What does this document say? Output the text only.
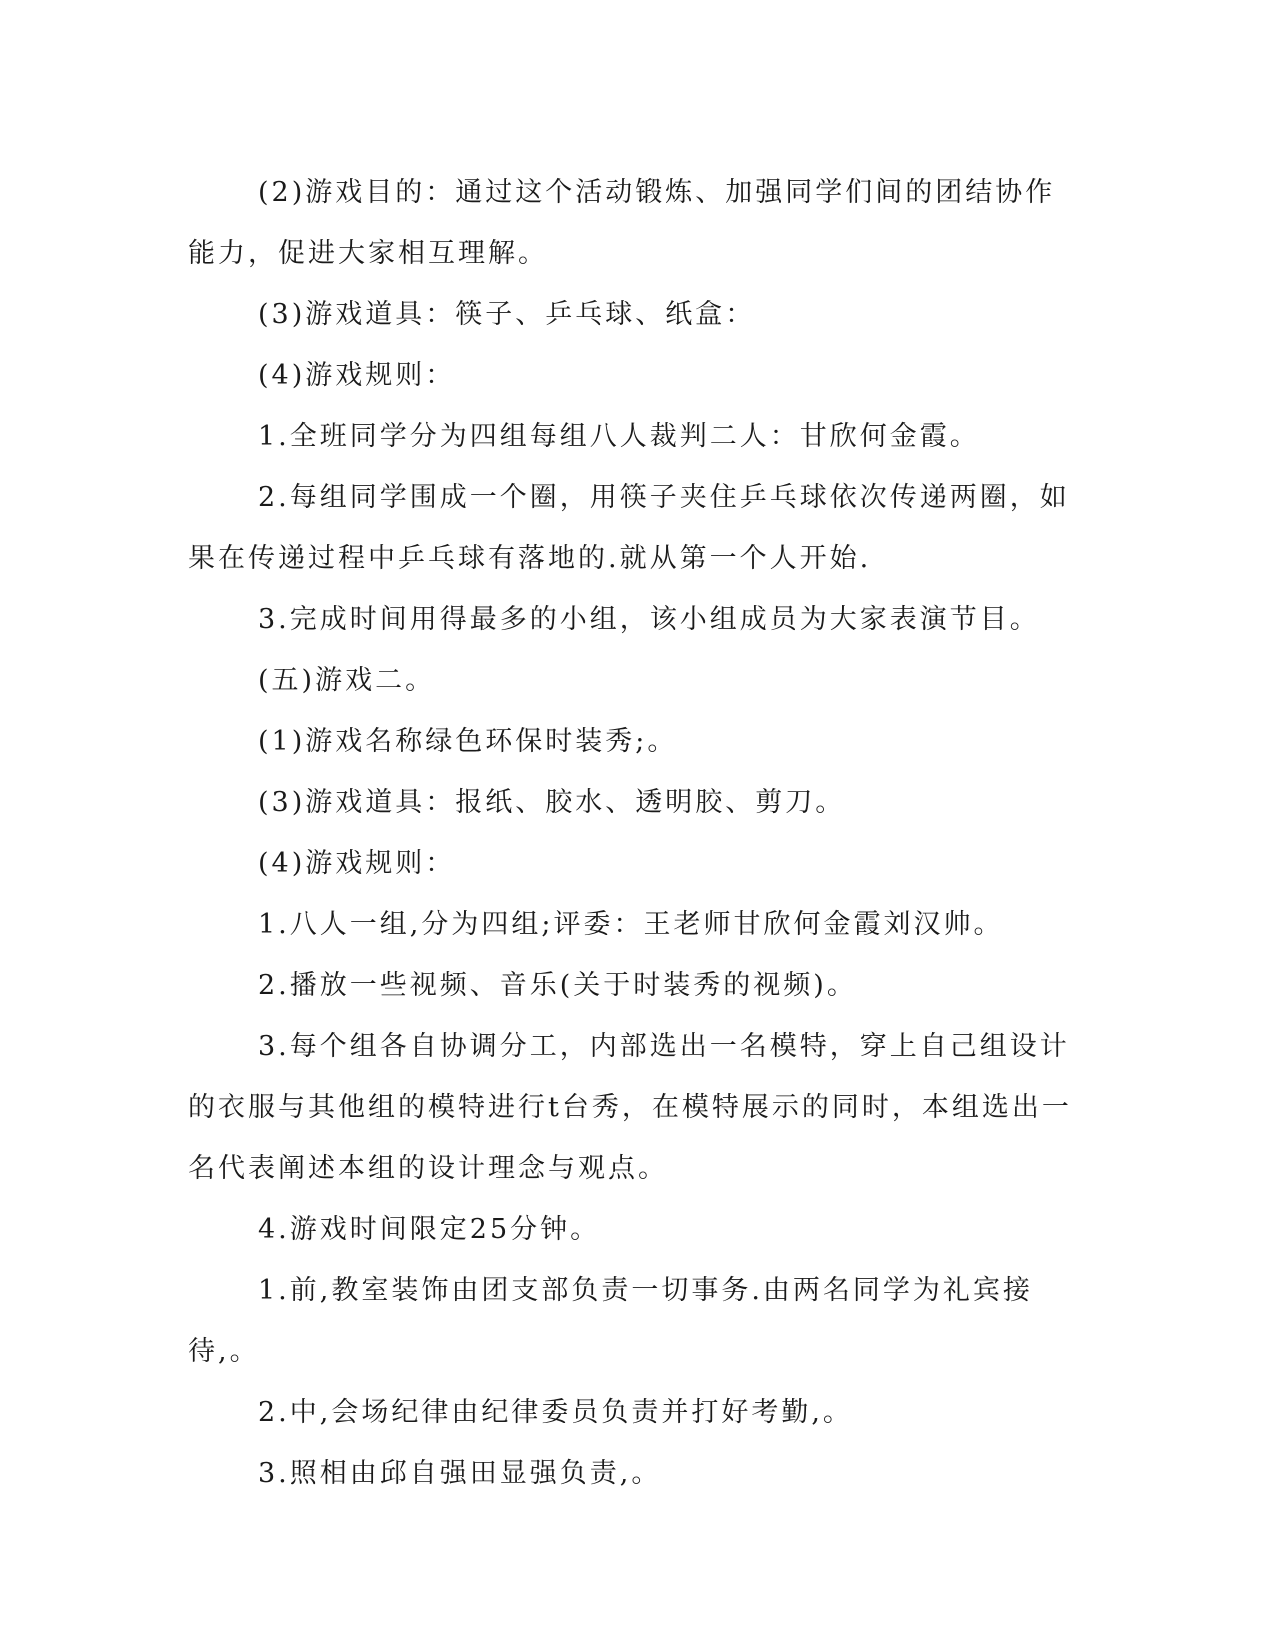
(2)游戏目的：通过这个活动锻炼、加强同学们间的团结协作能力，促进大家相互理解。

(3)游戏道具：筷子、乒乓球、纸盒：

(4)游戏规则：

1.全班同学分为四组每组八人裁判二人：甘欣何金霞。

2.每组同学围成一个圈，用筷子夹住乒乓球依次传递两圈，如果在传递过程中乒乓球有落地的.就从第一个人开始.

3.完成时间用得最多的小组，该小组成员为大家表演节目。

(五)游戏二。

(1)游戏名称绿色环保时装秀;。

(3)游戏道具：报纸、胶水、透明胶、剪刀。

(4)游戏规则：

1.八人一组,分为四组;评委：王老师甘欣何金霞刘汉帅。

2.播放一些视频、音乐(关于时装秀的视频)。

3.每个组各自协调分工，内部选出一名模特，穿上自己组设计的衣服与其他组的模特进行t台秀，在模特展示的同时，本组选出一名代表阐述本组的设计理念与观点。

4.游戏时间限定25分钟。

1.前,教室装饰由团支部负责一切事务.由两名同学为礼宾接待,。

2.中,会场纪律由纪律委员负责并打好考勤,。

3.照相由邱自强田显强负责,。
